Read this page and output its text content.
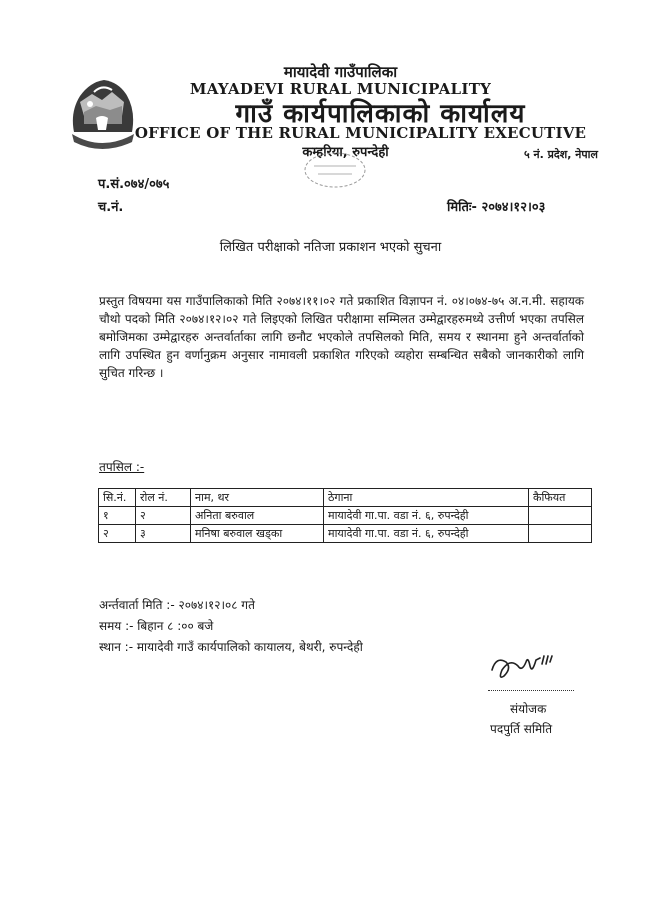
मायादेवी गाउँपालिका
MAYADEVI RURAL MUNICIPALITY
गाउँ कार्यपालिकाको कार्यालय
OFFICE OF THE RURAL MUNICIPALITY EXECUTIVE
कम्हरिया, रुपन्देही	५ नं. प्रदेश, नेपाल
प.सं.०७४/०७५
च.नं.	मितिः- २०७४।१२।०३
लिखित परीक्षाको नतिजा प्रकाशन भएको सुचना
प्रस्तुत विषयमा यस गाउँपालिकाको मिति २०७४।११।०२ गते प्रकाशित विज्ञापन नं. ०४।०७४-७५ अ.न.मी. सहायक चौथो पदको मिति २०७४।१२।०२ गते लिइएको लिखित परीक्षामा सम्मिलत उम्मेद्वारहरुमध्ये उत्तीर्ण भएका तपसिल बमोजिमका उम्मेद्वारहरु अन्तर्वार्ताका लागि छनौट भएकोले तपसिलको मिति, समय र स्थानमा हुने अन्तर्वार्ताको लागि उपस्थित हुन वर्णानुक्रम अनुसार नामावली प्रकाशित गरिएको व्यहोरा सम्बन्धित सबैको जानकारीको लागि सुचित गरिन्छ ।
तपसिल :-
सि.नं.	रोल नं.	नाम, थर	ठेगाना	कैफियत
१	२	अनिता बरुवाल	मायादेवी गा.पा. वडा नं. ६, रुपन्देही	
२	३	मनिषा बरुवाल खड्का	मायादेवी गा.पा. वडा नं. ६, रुपन्देही	
अर्न्तवार्ता मिति :- २०७४।१२।०८ गते
समय :- बिहान ८ :०० बजे
स्थान :- मायादेवी गाउँ कार्यपालिको कायालय, बेथरी, रुपन्देही
संयोजक
पदपुर्ति समिति
